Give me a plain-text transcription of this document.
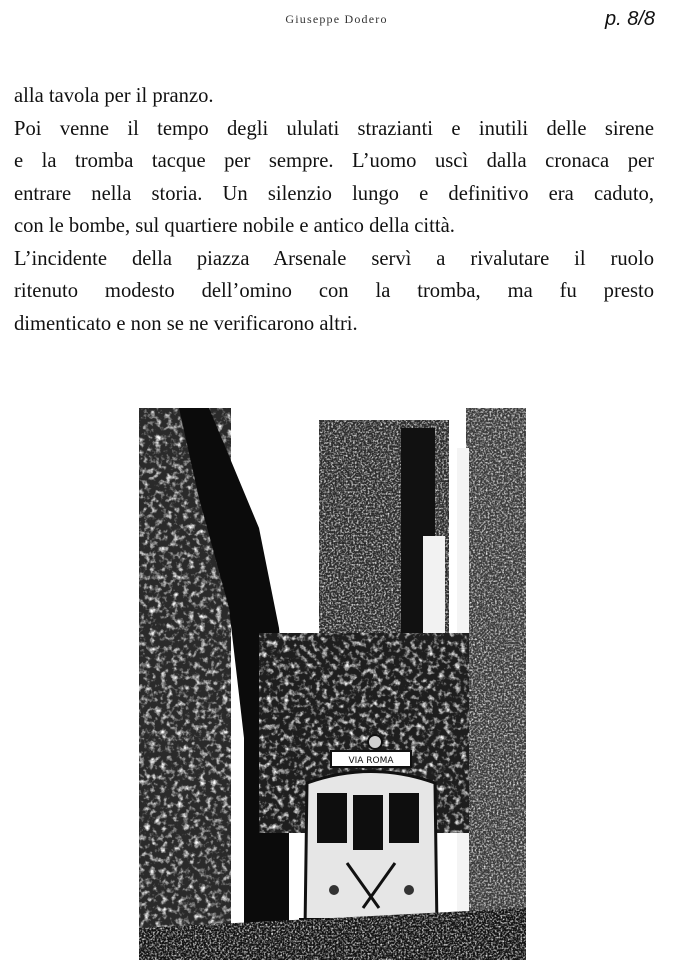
Giuseppe Dodero	p. 8/8

alla tavola per il pranzo.

Poi venne il tempo degli ululati strazianti e inutili delle sirene

e la tromba tacque per sempre. L’uomo uscì dalla cronaca per

entrare nella storia. Un silenzio lungo e definitivo era caduto,

con le bombe, sul quartiere nobile e antico della città.

L’incidente della piazza Arsenale servì a rivalutare il ruolo

ritenuto modesto dell’omino con la tromba, ma fu presto

dimenticato e non se ne verificarono altri.

VIA ROMA
